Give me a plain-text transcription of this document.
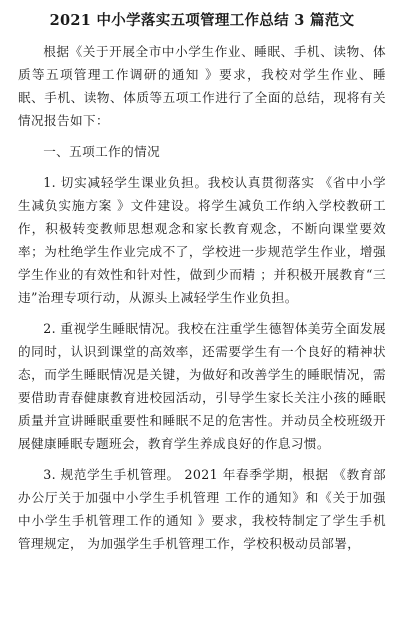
2021 中小学落实五项管理工作总结 3 篇范文

根据《关于开展全市中小学生作业、睡眠、手机、读物、体质等五项管理工作调研的通知 》要求，我校对学生作业、睡眠、手机、读物、体质等五项工作进行了全面的总结，现将有关情况报告如下：

一、五项工作的情况

1. 切实减轻学生课业负担。我校认真贯彻落实 《省中小学生减负实施方案 》文件建设。将学生减负工作纳入学校教研工作，积极转变教师思想观念和家长教育观念，不断向课堂要效率；为杜绝学生作业完成不了，学校进一步规范学生作业，增强学生作业的有效性和针对性，做到少而精 ；并积极开展教育“三违”治理专项行动，从源头上减轻学生作业负担。

2. 重视学生睡眠情况。我校在注重学生德智体美劳全面发展的同时，认识到课堂的高效率，还需要学生有一个良好的精神状态，而学生睡眠情况是关键，为做好和改善学生的睡眠情况，需要借助青春健康教育进校园活动，引导学生家长关注小孩的睡眠质量并宣讲睡眠重要性和睡眠不足的危害性。并动员全校班级开展健康睡眠专题班会，教育学生养成良好的作息习惯。

3. 规范学生手机管理。 2021 年春季学期，根据 《教育部办公厅关于加强中小学生手机管理 工作的通知》和《关于加强中小学生手机管理工作的通知 》要求，我校特制定了学生手机管理规定， 为加强学生手机管理工作，学校积极动员部署，
